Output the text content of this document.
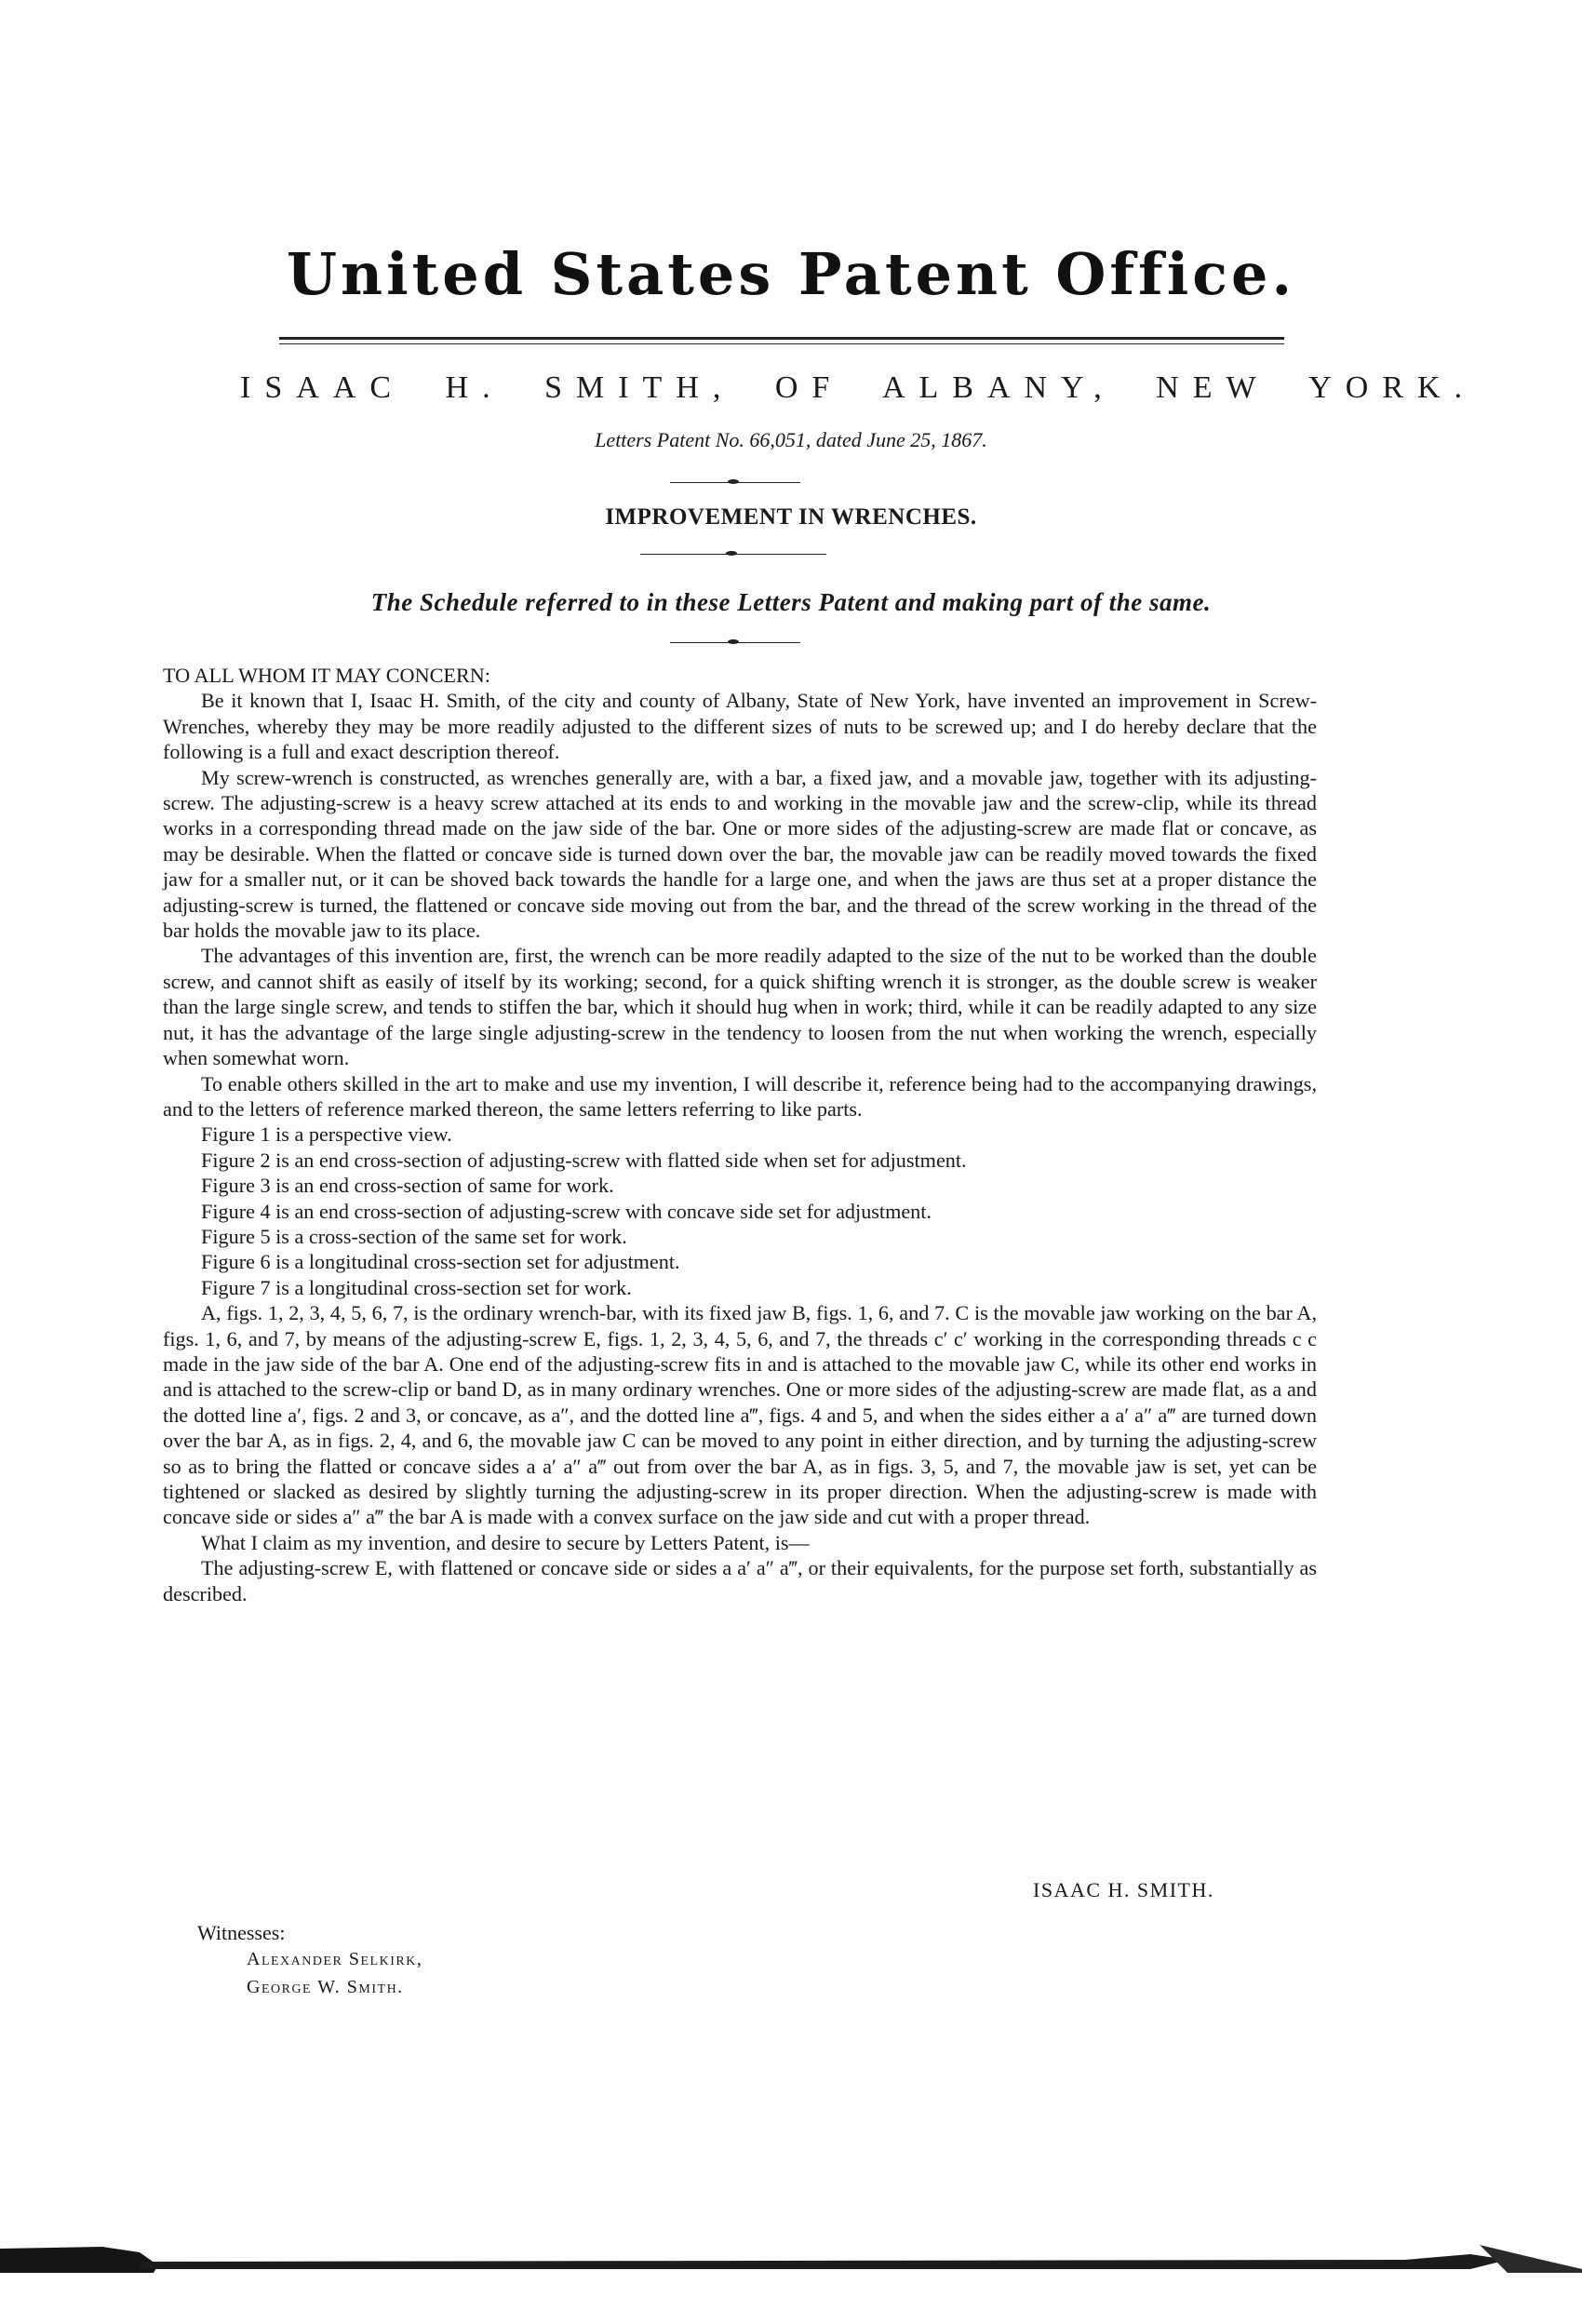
United States Patent Office.
ISAAC H. SMITH, OF ALBANY, NEW YORK.
Letters Patent No. 66,051, dated June 25, 1867.
IMPROVEMENT IN WRENCHES.
The Schedule referred to in these Letters Patent and making part of the same.

TO ALL WHOM IT MAY CONCERN:

Be it known that I, Isaac H. Smith, of the city and county of Albany, State of New York, have invented an improvement in Screw-Wrenches, whereby they may be more readily adjusted to the different sizes of nuts to be screwed up; and I do hereby declare that the following is a full and exact description thereof.

My screw-wrench is constructed, as wrenches generally are, with a bar, a fixed jaw, and a movable jaw, together with its adjusting-screw. The adjusting-screw is a heavy screw attached at its ends to and working in the movable jaw and the screw-clip, while its thread works in a corresponding thread made on the jaw side of the bar. One or more sides of the adjusting-screw are made flat or concave, as may be desirable. When the flatted or concave side is turned down over the bar, the movable jaw can be readily moved towards the fixed jaw for a smaller nut, or it can be shoved back towards the handle for a large one, and when the jaws are thus set at a proper distance the adjusting-screw is turned, the flattened or concave side moving out from the bar, and the thread of the screw working in the thread of the bar holds the movable jaw to its place.

The advantages of this invention are, first, the wrench can be more readily adapted to the size of the nut to be worked than the double screw, and cannot shift as easily of itself by its working; second, for a quick shifting wrench it is stronger, as the double screw is weaker than the large single screw, and tends to stiffen the bar, which it should hug when in work; third, while it can be readily adapted to any size nut, it has the advantage of the large single adjusting-screw in the tendency to loosen from the nut when working the wrench, especially when somewhat worn.

To enable others skilled in the art to make and use my invention, I will describe it, reference being had to the accompanying drawings, and to the letters of reference marked thereon, the same letters referring to like parts.

Figure 1 is a perspective view.

Figure 2 is an end cross-section of adjusting-screw with flatted side when set for adjustment.

Figure 3 is an end cross-section of same for work.

Figure 4 is an end cross-section of adjusting-screw with concave side set for adjustment.

Figure 5 is a cross-section of the same set for work.

Figure 6 is a longitudinal cross-section set for adjustment.

Figure 7 is a longitudinal cross-section set for work.

A, figs. 1, 2, 3, 4, 5, 6, 7, is the ordinary wrench-bar, with its fixed jaw B, figs. 1, 6, and 7. C is the movable jaw working on the bar A, figs. 1, 6, and 7, by means of the adjusting-screw E, figs. 1, 2, 3, 4, 5, 6, and 7, the threads c′ c′ working in the corresponding threads c c made in the jaw side of the bar A. One end of the adjusting-screw fits in and is attached to the movable jaw C, while its other end works in and is attached to the screw-clip or band D, as in many ordinary wrenches. One or more sides of the adjusting-screw are made flat, as a and the dotted line a′, figs. 2 and 3, or concave, as a″, and the dotted line a‴, figs. 4 and 5, and when the sides either a a′ a″ a‴ are turned down over the bar A, as in figs. 2, 4, and 6, the movable jaw C can be moved to any point in either direction, and by turning the adjusting-screw so as to bring the flatted or concave sides a a′ a″ a‴ out from over the bar A, as in figs. 3, 5, and 7, the movable jaw is set, yet can be tightened or slacked as desired by slightly turning the adjusting-screw in its proper direction. When the adjusting-screw is made with concave side or sides a″ a‴ the bar A is made with a convex surface on the jaw side and cut with a proper thread.

What I claim as my invention, and desire to secure by Letters Patent, is—

The adjusting-screw E, with flattened or concave side or sides a a′ a″ a‴, or their equivalents, for the purpose set forth, substantially as described.

ISAAC H. SMITH.
Witnesses:
Alexander Selkirk,
George W. Smith.
